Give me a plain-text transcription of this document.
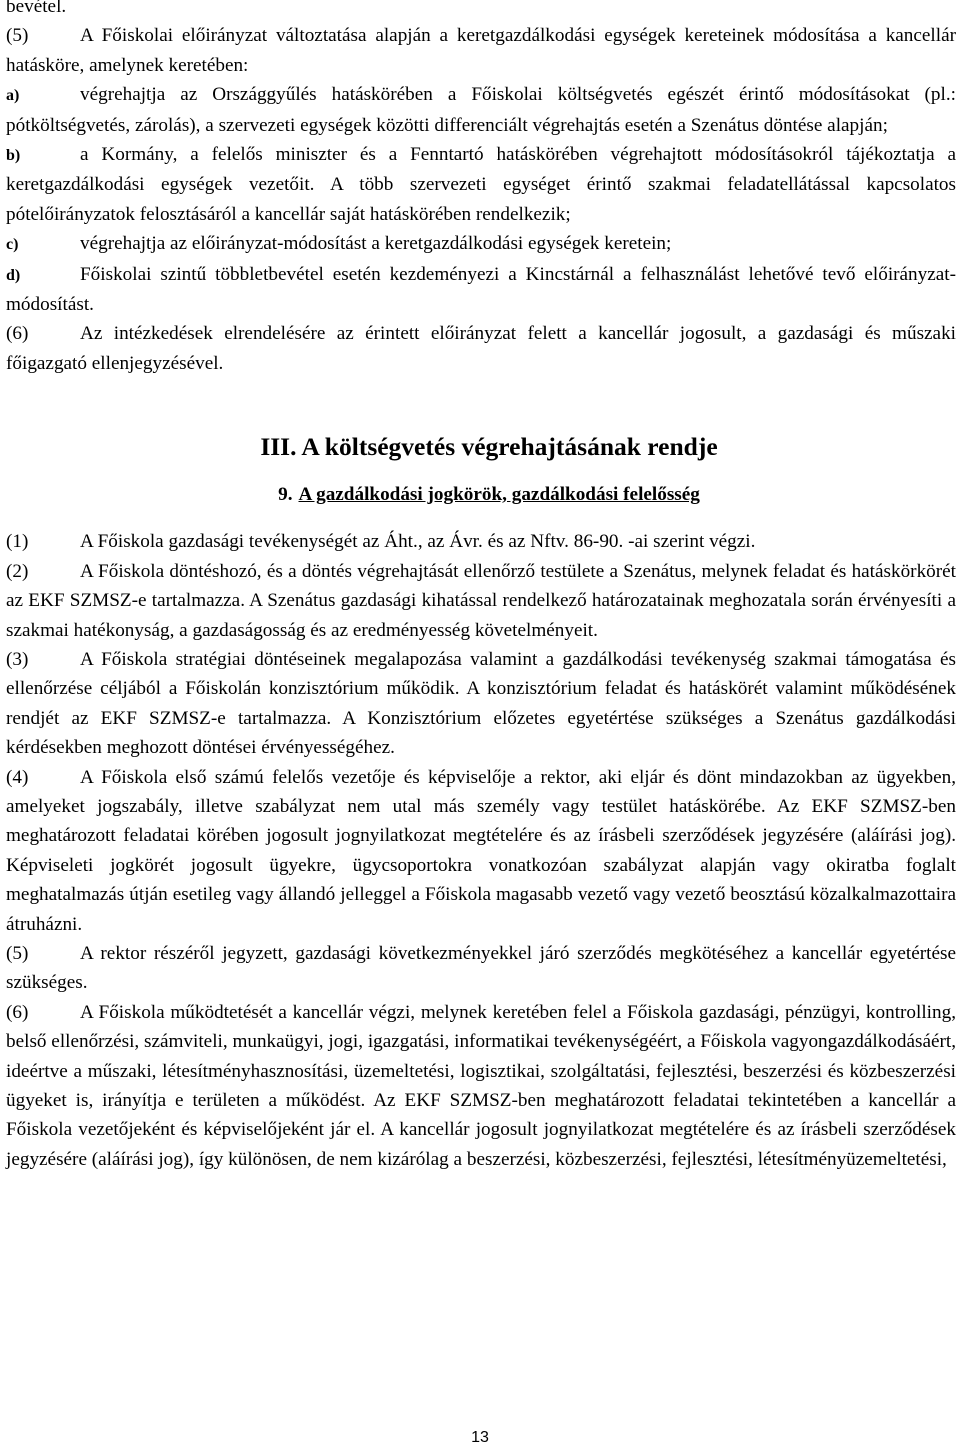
bevétel.

(5)	A Főiskolai előirányzat változtatása alapján a keretgazdálkodási egységek kereteinek módosítása a kancellár hatásköre, amelynek keretében:

a)	végrehajtja az Országgyűlés hatáskörében a Főiskolai költségvetés egészét érintő módosításokat (pl.: pótköltségvetés, zárolás), a szervezeti egységek közötti differenciált végrehajtás esetén a Szenátus döntése alapján;

b)	a Kormány, a felelős miniszter és a Fenntartó hatáskörében végrehajtott módosításokról tájékoztatja a keretgazdálkodási egységek vezetőit. A több szervezeti egységet érintő szakmai feladatellátással kapcsolatos pótelőirányzatok felosztásáról a kancellár saját hatáskörében rendelkezik;

c)	végrehajtja az előirányzat-módosítást a keretgazdálkodási egységek keretein;

d)	Főiskolai szintű többletbevétel esetén kezdeményezi a Kincstárnál a felhasználást lehetővé tevő előirányzat-módosítást.

(6)	Az intézkedések elrendelésére az érintett előirányzat felett a kancellár jogosult, a gazdasági és műszaki főigazgató ellenjegyzésével.

III. A költségvetés végrehajtásának rendje
9. A gazdálkodási jogkörök, gazdálkodási felelősség

(1)	A Főiskola gazdasági tevékenységét az Áht., az Ávr. és az Nftv. 86-90. -ai szerint végzi.

(2)	A Főiskola döntéshozó, és a döntés végrehajtását ellenőrző testülete a Szenátus, melynek feladat és hatáskörkörét az EKF SZMSZ-e tartalmazza. A Szenátus gazdasági kihatással rendelkező határozatainak meghozatala során érvényesíti a szakmai hatékonyság, a gazdaságosság és az eredményesség követelményeit.

(3)	A Főiskola stratégiai döntéseinek megalapozása valamint a gazdálkodási tevékenység szakmai támogatása és ellenőrzése céljából a Főiskolán konzisztórium működik. A konzisztórium feladat és hatáskörét valamint működésének rendjét az EKF SZMSZ-e tartalmazza. A Konzisztórium előzetes egyetértése szükséges a Szenátus gazdálkodási kérdésekben meghozott döntései érvényességéhez.

(4)	A Főiskola első számú felelős vezetője és képviselője a rektor, aki eljár és dönt mindazokban az ügyekben, amelyeket jogszabály, illetve szabályzat nem utal más személy vagy testület hatáskörébe. Az EKF SZMSZ-ben meghatározott feladatai körében jogosult jognyilatkozat megtételére és az írásbeli szerződések jegyzésére (aláírási jog). Képviseleti jogkörét jogosult ügyekre, ügycsoportokra vonatkozóan szabályzat alapján vagy okiratba foglalt meghatalmazás útján esetileg vagy állandó jelleggel a Főiskola magasabb vezető vagy vezető beosztású közalkalmazottaira átruházni.

(5)	A rektor részéről jegyzett, gazdasági következményekkel járó szerződés megkötéséhez a kancellár egyetértése szükséges.

(6)	A Főiskola működtetését a kancellár végzi, melynek keretében felel a Főiskola gazdasági, pénzügyi, kontrolling, belső ellenőrzési, számviteli, munkaügyi, jogi, igazgatási, informatikai tevékenységéért, a Főiskola vagyongazdálkodásáért, ideértve a műszaki, létesítményhasznosítási, üzemeltetési, logisztikai, szolgáltatási, fejlesztési, beszerzési és közbeszerzési ügyeket is, irányítja e területen a működést. Az EKF SZMSZ-ben meghatározott feladatai tekintetében a kancellár a Főiskola vezetőjeként és képviselőjeként jár el. A kancellár jogosult jognyilatkozat megtételére és az írásbeli szerződések jegyzésére (aláírási jog), így különösen, de nem kizárólag a beszerzési, közbeszerzési, fejlesztési, létesítményüzemeltetési,

13
